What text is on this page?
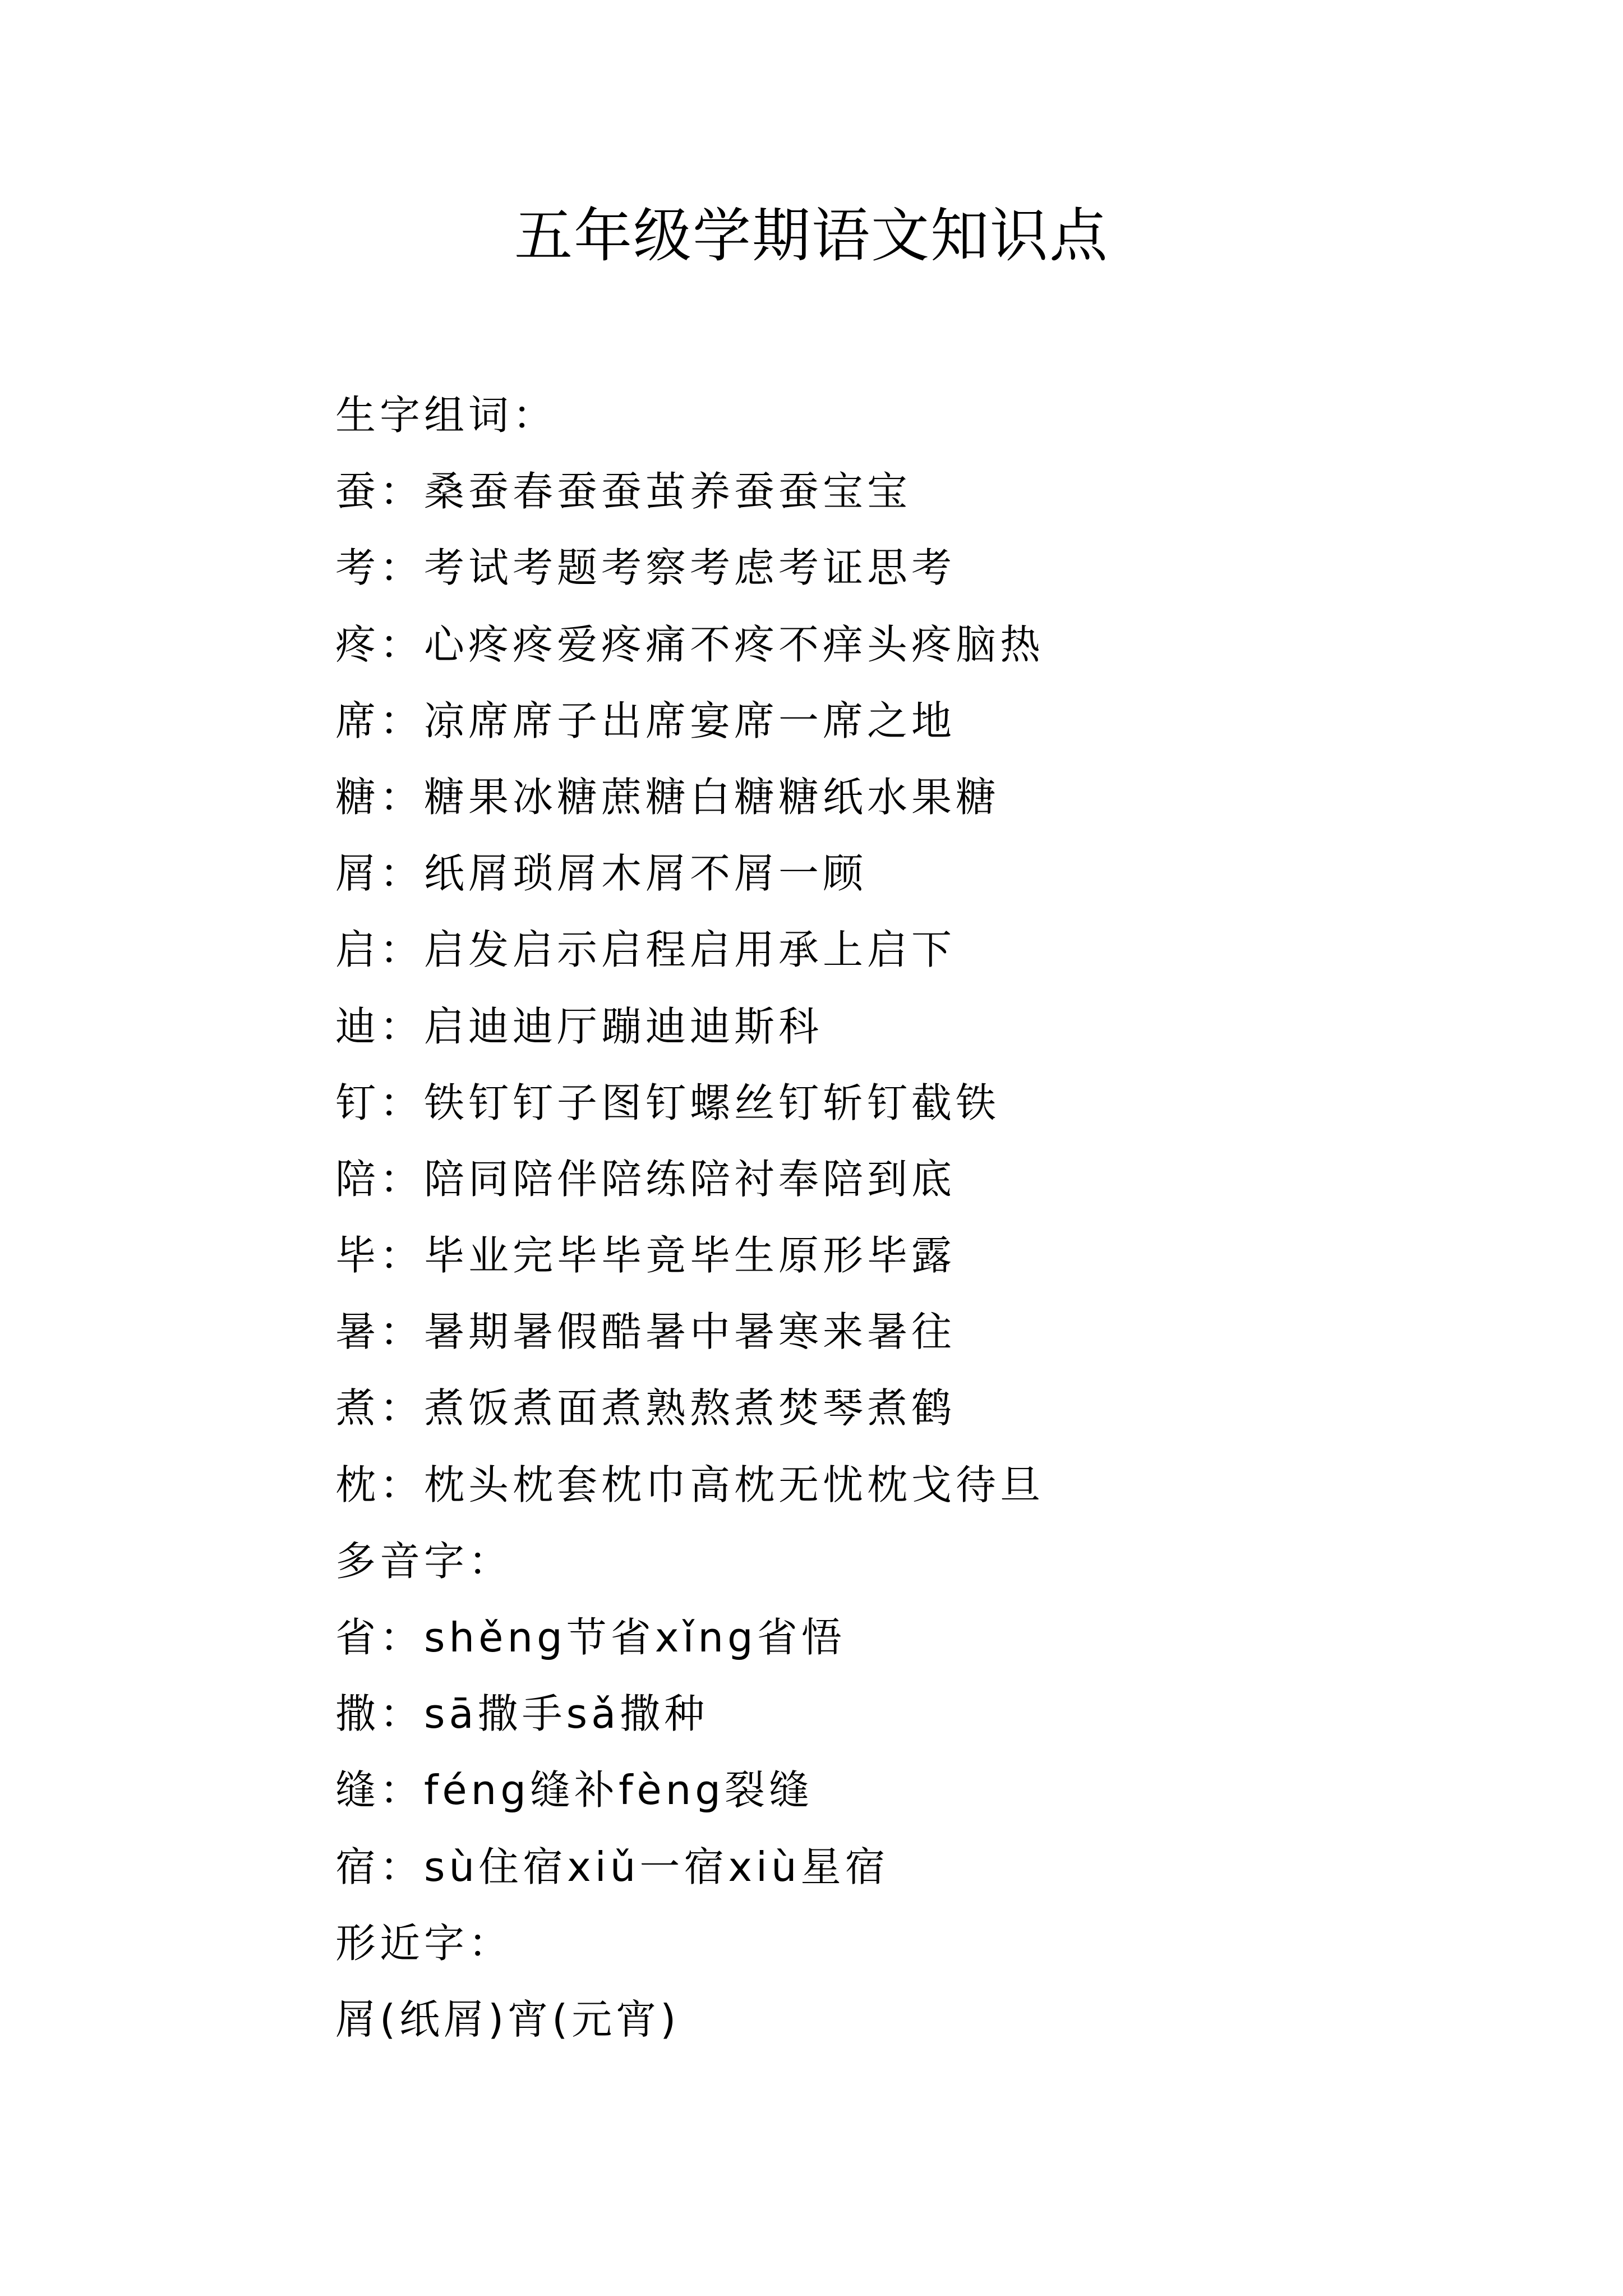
五年级学期语文知识点
生字组词：
蚕：桑蚕春蚕蚕茧养蚕蚕宝宝
考：考试考题考察考虑考证思考
疼：心疼疼爱疼痛不疼不痒头疼脑热
席：凉席席子出席宴席一席之地
糖：糖果冰糖蔗糖白糖糖纸水果糖
屑：纸屑琐屑木屑不屑一顾
启：启发启示启程启用承上启下
迪：启迪迪厅蹦迪迪斯科
钉：铁钉钉子图钉螺丝钉斩钉截铁
陪：陪同陪伴陪练陪衬奉陪到底
毕：毕业完毕毕竟毕生原形毕露
暑：暑期暑假酷暑中暑寒来暑往
煮：煮饭煮面煮熟熬煮焚琴煮鹤
枕：枕头枕套枕巾高枕无忧枕戈待旦
多音字：
省：shěng节省xǐng省悟
撒：sā撒手sǎ撒种
缝：féng缝补fèng裂缝
宿：sù住宿xiǔ一宿xiù星宿
形近字：
屑(纸屑)宵(元宵)
